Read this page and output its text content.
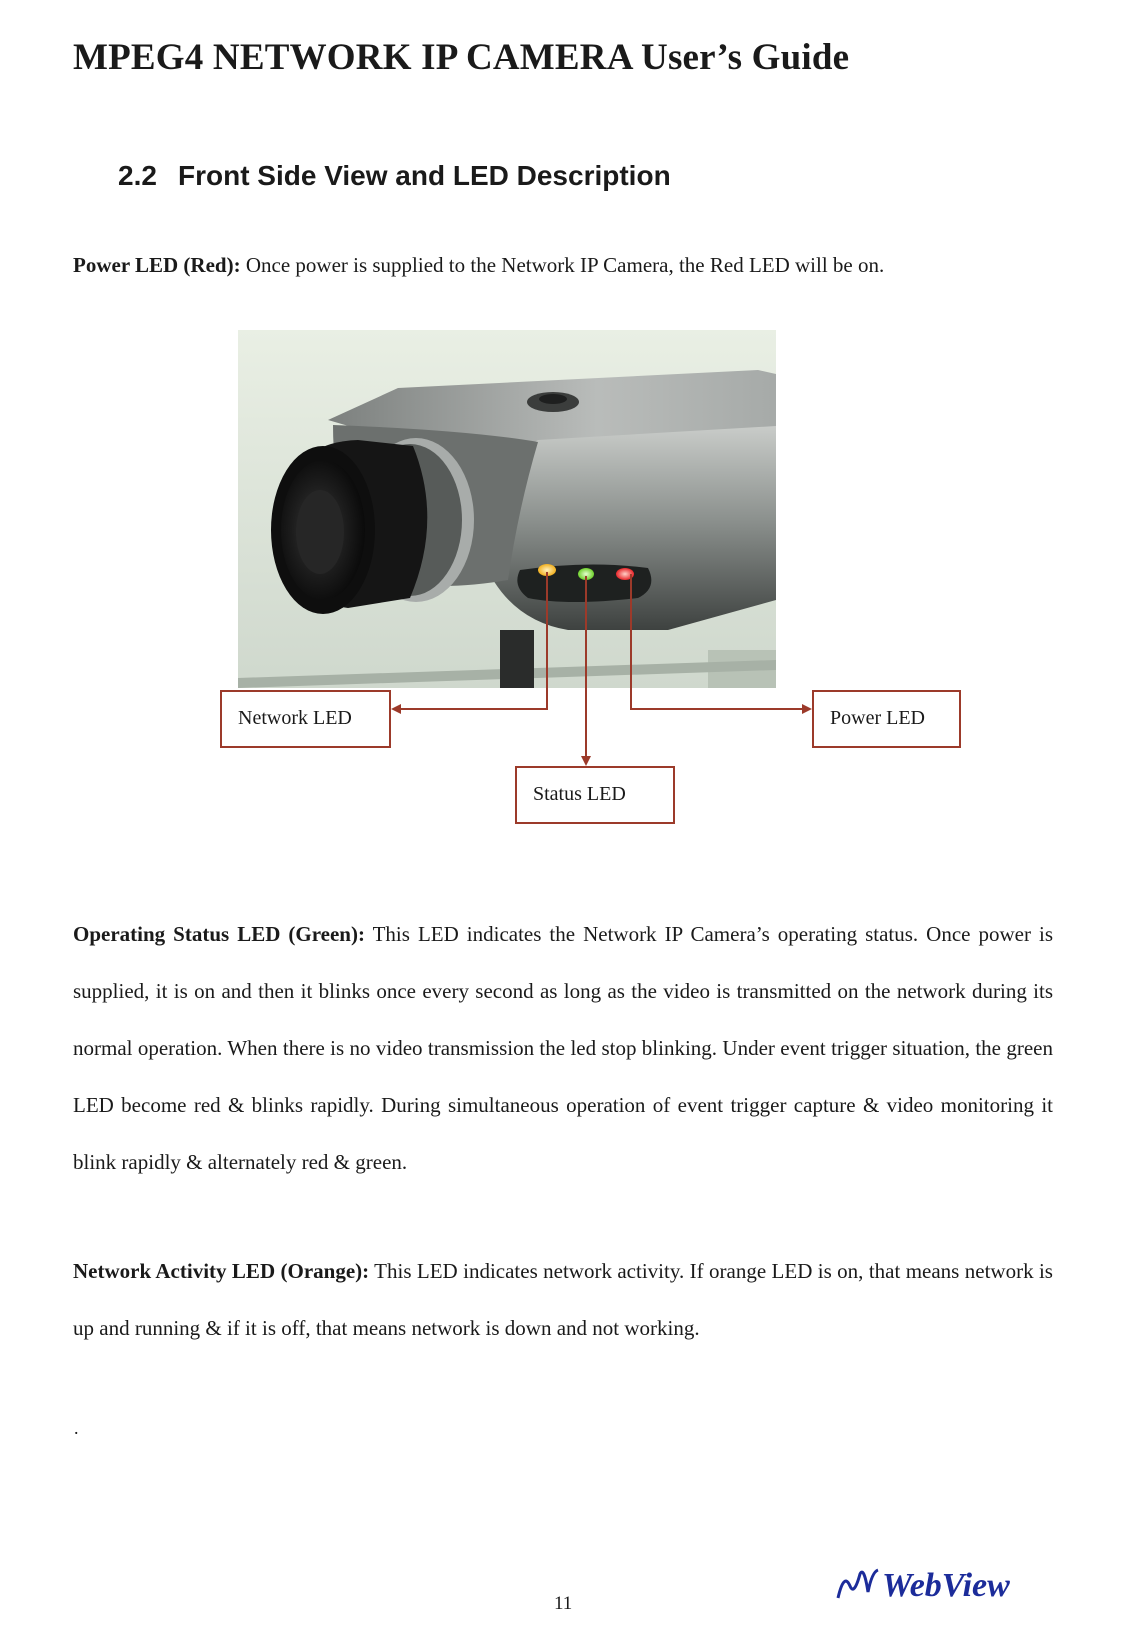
MPEG4 NETWORK IP CAMERA User’s Guide
2.2 Front Side View and LED Description
Power LED (Red): Once power is supplied to the Network IP Camera, the Red LED will be on.
Network LED	Power LED
Status LED
Operating Status LED (Green): This LED indicates the Network IP Camera’s operating status. Once power is supplied, it is on and then it blinks once every second as long as the video is transmitted on the network during its normal operation. When there is no video transmission the led stop blinking. Under event trigger situation, the green LED become red & blinks rapidly. During simultaneous operation of event trigger capture & video monitoring it blink rapidly & alternately red & green.
Network Activity LED (Orange): This LED indicates network activity. If orange LED is on, that means network is up and running & if it is off, that means network is down and not working.
.
11	WebView
